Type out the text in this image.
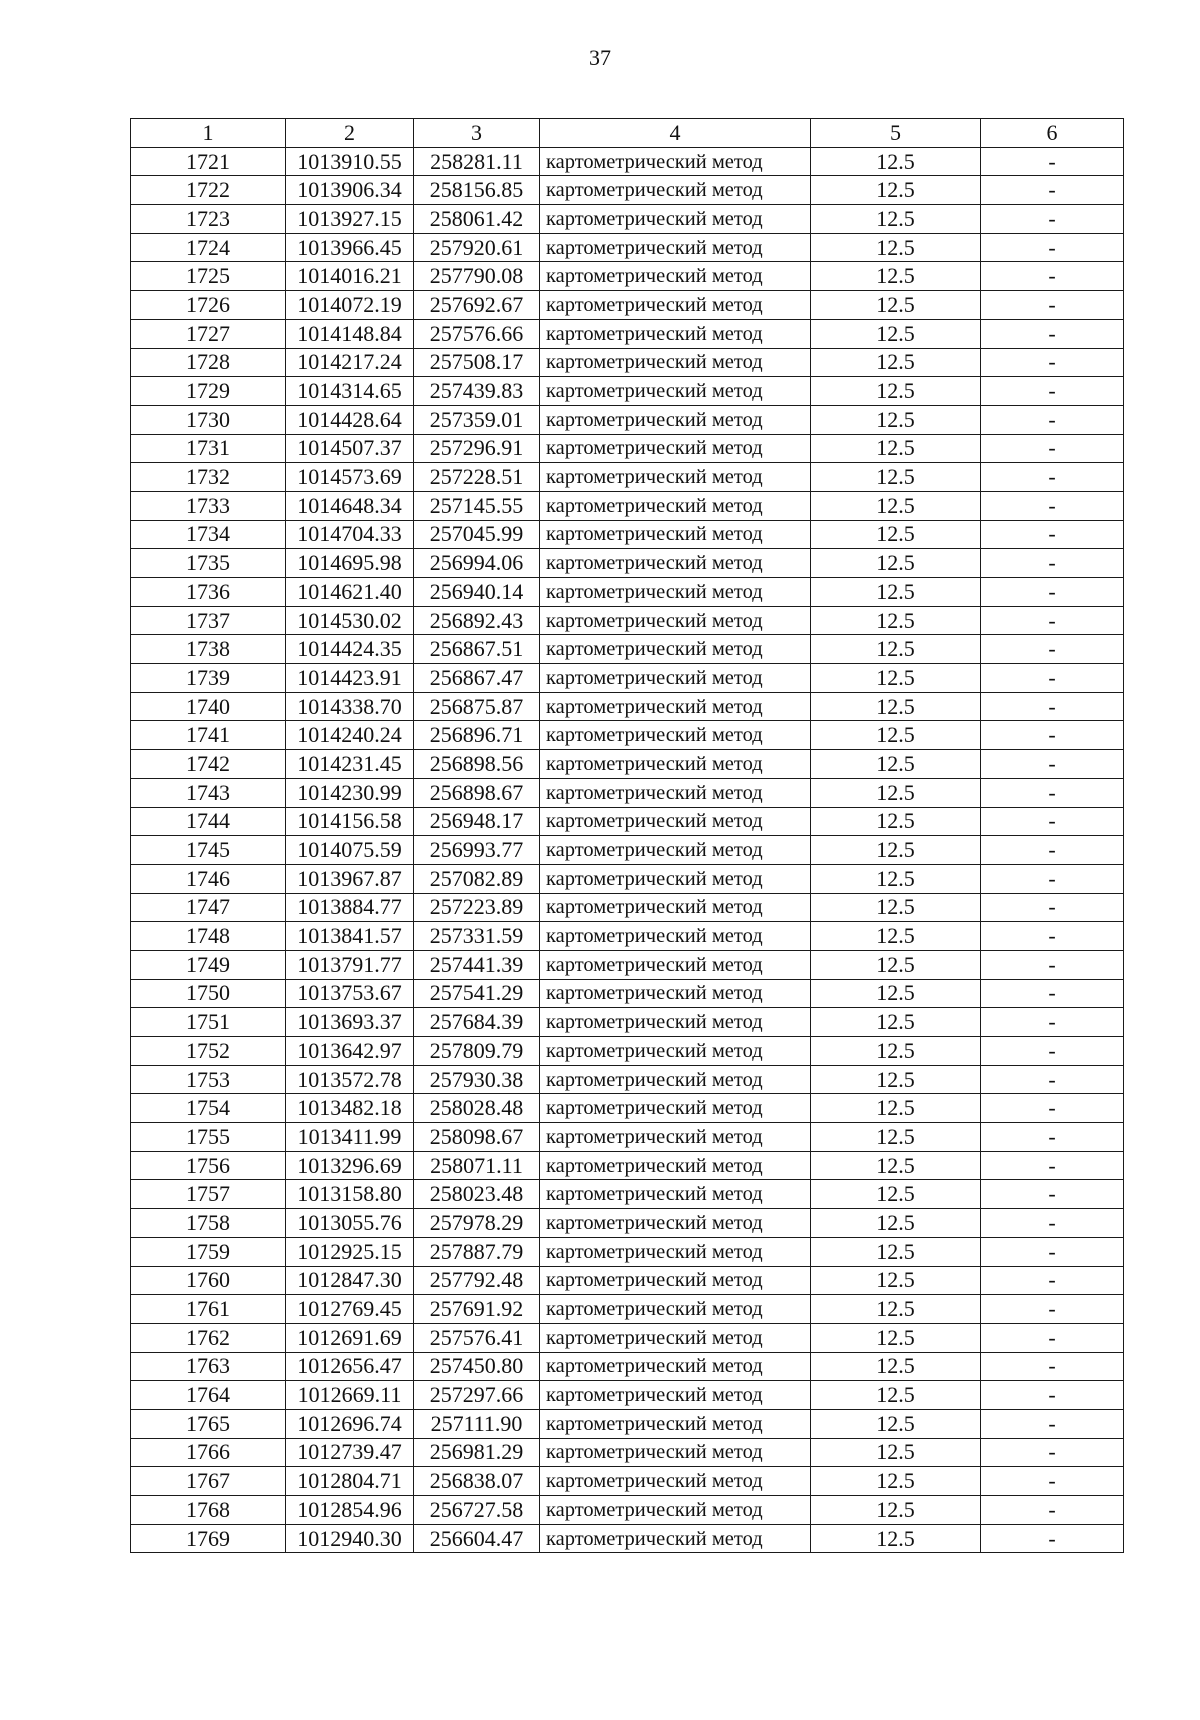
37
1	2	3	4	5	6
1721	1013910.55	258281.11	картометрический метод	12.5	-
1722	1013906.34	258156.85	картометрический метод	12.5	-
1723	1013927.15	258061.42	картометрический метод	12.5	-
1724	1013966.45	257920.61	картометрический метод	12.5	-
1725	1014016.21	257790.08	картометрический метод	12.5	-
1726	1014072.19	257692.67	картометрический метод	12.5	-
1727	1014148.84	257576.66	картометрический метод	12.5	-
1728	1014217.24	257508.17	картометрический метод	12.5	-
1729	1014314.65	257439.83	картометрический метод	12.5	-
1730	1014428.64	257359.01	картометрический метод	12.5	-
1731	1014507.37	257296.91	картометрический метод	12.5	-
1732	1014573.69	257228.51	картометрический метод	12.5	-
1733	1014648.34	257145.55	картометрический метод	12.5	-
1734	1014704.33	257045.99	картометрический метод	12.5	-
1735	1014695.98	256994.06	картометрический метод	12.5	-
1736	1014621.40	256940.14	картометрический метод	12.5	-
1737	1014530.02	256892.43	картометрический метод	12.5	-
1738	1014424.35	256867.51	картометрический метод	12.5	-
1739	1014423.91	256867.47	картометрический метод	12.5	-
1740	1014338.70	256875.87	картометрический метод	12.5	-
1741	1014240.24	256896.71	картометрический метод	12.5	-
1742	1014231.45	256898.56	картометрический метод	12.5	-
1743	1014230.99	256898.67	картометрический метод	12.5	-
1744	1014156.58	256948.17	картометрический метод	12.5	-
1745	1014075.59	256993.77	картометрический метод	12.5	-
1746	1013967.87	257082.89	картометрический метод	12.5	-
1747	1013884.77	257223.89	картометрический метод	12.5	-
1748	1013841.57	257331.59	картометрический метод	12.5	-
1749	1013791.77	257441.39	картометрический метод	12.5	-
1750	1013753.67	257541.29	картометрический метод	12.5	-
1751	1013693.37	257684.39	картометрический метод	12.5	-
1752	1013642.97	257809.79	картометрический метод	12.5	-
1753	1013572.78	257930.38	картометрический метод	12.5	-
1754	1013482.18	258028.48	картометрический метод	12.5	-
1755	1013411.99	258098.67	картометрический метод	12.5	-
1756	1013296.69	258071.11	картометрический метод	12.5	-
1757	1013158.80	258023.48	картометрический метод	12.5	-
1758	1013055.76	257978.29	картометрический метод	12.5	-
1759	1012925.15	257887.79	картометрический метод	12.5	-
1760	1012847.30	257792.48	картометрический метод	12.5	-
1761	1012769.45	257691.92	картометрический метод	12.5	-
1762	1012691.69	257576.41	картометрический метод	12.5	-
1763	1012656.47	257450.80	картометрический метод	12.5	-
1764	1012669.11	257297.66	картометрический метод	12.5	-
1765	1012696.74	257111.90	картометрический метод	12.5	-
1766	1012739.47	256981.29	картометрический метод	12.5	-
1767	1012804.71	256838.07	картометрический метод	12.5	-
1768	1012854.96	256727.58	картометрический метод	12.5	-
1769	1012940.30	256604.47	картометрический метод	12.5	-
